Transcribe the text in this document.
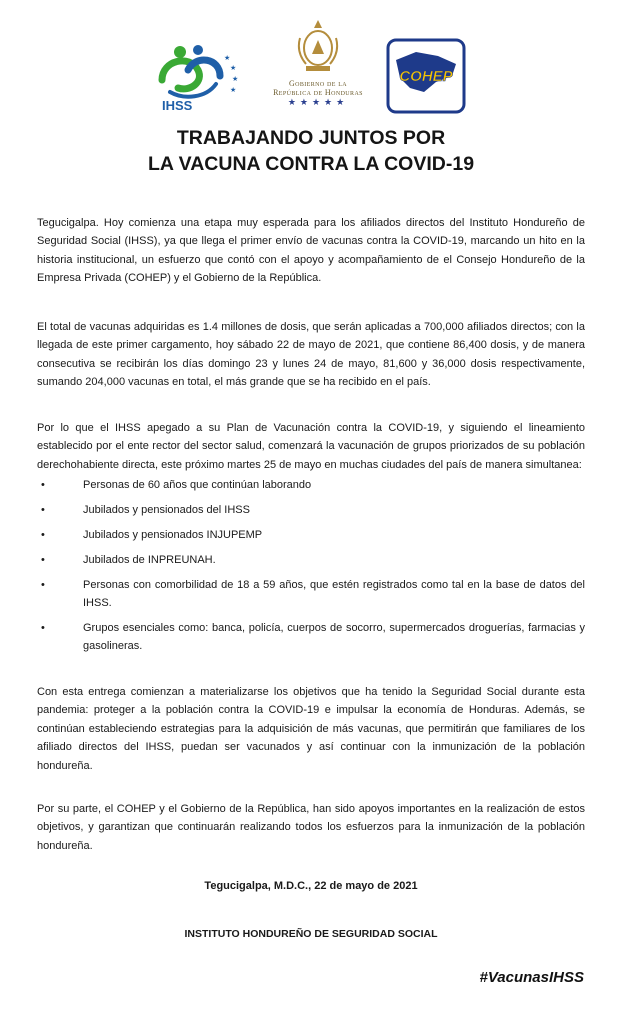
★
★
★
★
IHSS
Gobierno de la
República de Honduras
★★★★★
COHEP
TRABAJANDO JUNTOS POR
LA VACUNA CONTRA LA COVID-19

Tegucigalpa. Hoy comienza una etapa muy esperada para los afiliados directos del Instituto Hondureño de Seguridad Social (IHSS), ya que llega el primer envío de vacunas contra la COVID-19, marcando un hito en la historia institucional, un esfuerzo que contó con el apoyo y acompañamiento de el Consejo Hondureño de la Empresa Privada (COHEP) y el Gobierno de la República.

El total de vacunas adquiridas es 1.4 millones de dosis, que serán aplicadas a 700,000 afiliados directos; con la llegada de este primer cargamento, hoy sábado 22 de mayo de 2021, que contiene 86,400 dosis, y de manera consecutiva se recibirán los días domingo 23 y lunes 24 de mayo, 81,600 y 36,000 dosis respectivamente, sumando 204,000 vacunas en total, el más grande que se ha recibido en el país.

Por lo que el IHSS apegado a su Plan de Vacunación contra la COVID-19, y siguiendo el lineamiento establecido por el ente rector del sector salud, comenzará la vacunación de grupos priorizados de su población derechohabiente directa, este próximo martes 25 de mayo en muchas ciudades del país de manera simultanea:

•	Personas de 60 años que continúan laborando
•	Jubilados y pensionados del IHSS
•	Jubilados y pensionados INJUPEMP
•	Jubilados de INPREUNAH.
•	Personas con comorbilidad de 18 a 59 años, que estén registrados como tal en la base de datos del IHSS.
•	Grupos esenciales como: banca, policía, cuerpos de socorro, supermercados droguerías, farmacias y gasolineras.

Con esta entrega comienzan a materializarse los objetivos que ha tenido la Seguridad Social durante esta pandemia: proteger a la población contra la COVID-19 e impulsar la economía de Honduras. Además, se continúan estableciendo estrategias para la adquisición de más vacunas, que permitirán que familiares de los afiliado directos del IHSS, puedan ser vacunados y así continuar con la inmunización de la población hondureña.

Por su parte, el COHEP y el Gobierno de la República, han sido apoyos importantes en la realización de estos objetivos, y garantizan que continuarán realizando todos los esfuerzos para la inmunización de la población hondureña.

Tegucigalpa, M.D.C., 22 de mayo de 2021
INSTITUTO HONDUREÑO DE SEGURIDAD SOCIAL
#VacunasIHSS
